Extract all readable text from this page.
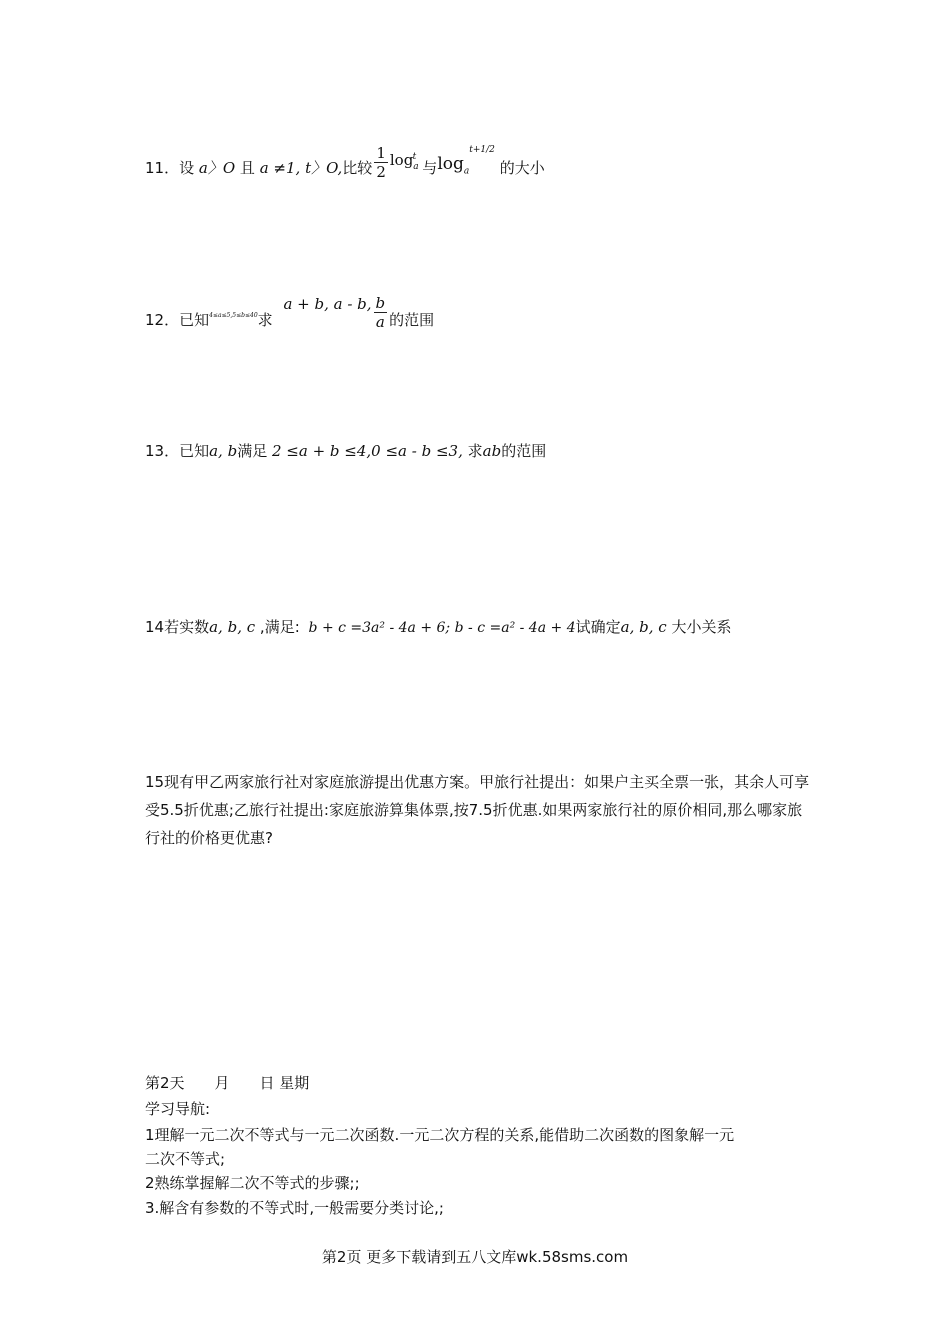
11．设 a〉O 且 a ≠1, t〉O,比较 $\frac{1}{2} \log_a^t$与$\log_a^{t+1/2}$ 的大小
12．已知$^{4\le a\le 5,5\le b\le 40}$求 a + b, a - b, $\frac{b}{a}$ 的范围
13．已知a, b满足 2 ≤a + b ≤4,0 ≤a - b ≤3, 求ab的范围
14若实数a, b, c ,满足: b + c =3a² - 4a + 6; b - c =a² - 4a + 4试确定a, b, c 大小关系
15现有甲乙两家旅行社对家庭旅游提出优惠方案。甲旅行社提出：如果户主买全票一张，其余人可享受5.5折优惠;乙旅行社提出:家庭旅游算集体票,按7.5折优惠.如果两家旅行社的原价相同,那么哪家旅行社的价格更优惠?
第2天　　月　　日 星期
学习导航:
1理解一元二次不等式与一元二次函数.一元二次方程的关系,能借助二次函数的图象解一元
二次不等式;
2熟练掌握解二次不等式的步骤;;
3.解含有参数的不等式时,一般需要分类讨论,;
第2页 更多下载请到五八文库wk.58sms.com
